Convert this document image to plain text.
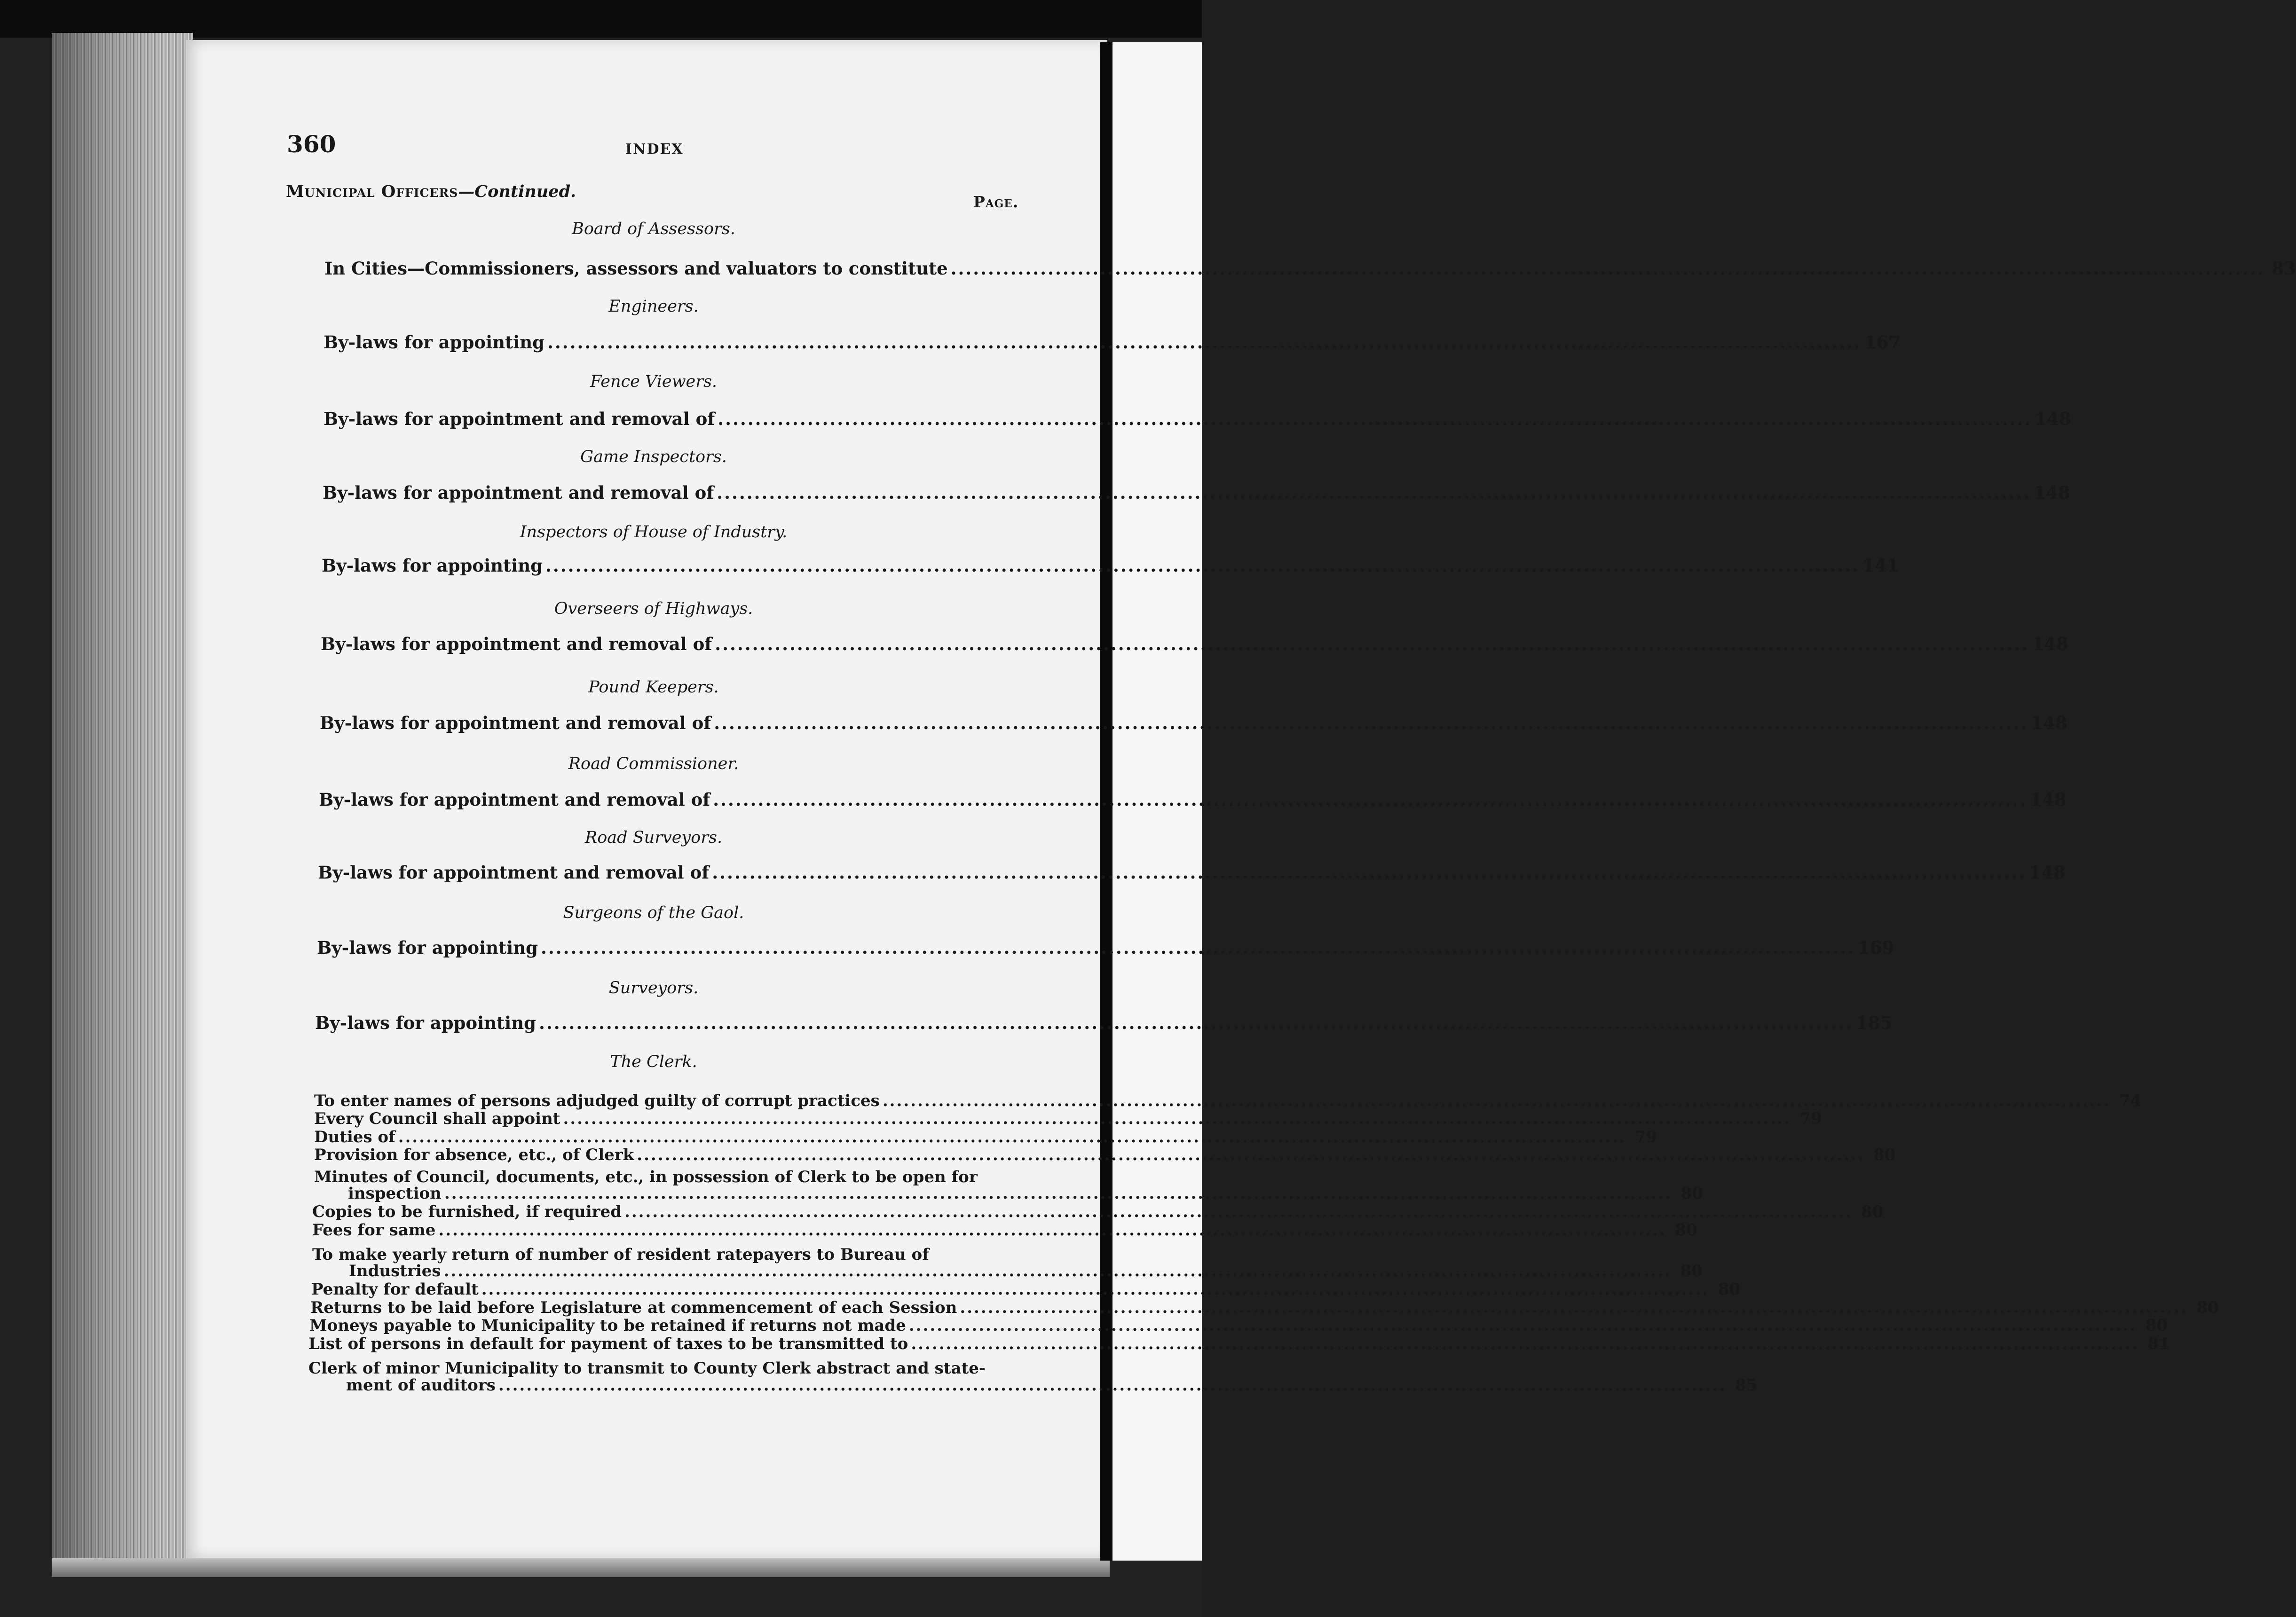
360	INDEX
Municipal Officers—Continued.
Page.
Board of Assessors.
In Cities—Commissioners, assessors and valuators to constitute ................................................................................................................................................................................ 83
Engineers.
By-laws for appointing ................................................................................................................................................................................ 167
Fence Viewers.
By-laws for appointment and removal of ................................................................................................................................................................................ 148
Game Inspectors.
By-laws for appointment and removal of ................................................................................................................................................................................ 148
Inspectors of House of Industry.
By-laws for appointing ................................................................................................................................................................................ 141
Overseers of Highways.
By-laws for appointment and removal of ................................................................................................................................................................................ 148
Pound Keepers.
By-laws for appointment and removal of ................................................................................................................................................................................ 148
Road Commissioner.
By-laws for appointment and removal of ................................................................................................................................................................................ 148
Road Surveyors.
By-laws for appointment and removal of ................................................................................................................................................................................ 148
Surgeons of the Gaol.
By-laws for appointing ................................................................................................................................................................................ 169
Surveyors.
By-laws for appointing ................................................................................................................................................................................ 185
The Clerk.
To enter names of persons adjudged guilty of corrupt practices ................................................................................................................................................................................ 74
Every Council shall appoint ................................................................................................................................................................................ 79
Duties of ................................................................................................................................................................................ 79
Provision for absence, etc., of Clerk ................................................................................................................................................................................ 80
Minutes of Council, documents, etc., in possession of Clerk to be open for
inspection ................................................................................................................................................................................ 80
Copies to be furnished, if required ................................................................................................................................................................................ 80
Fees for same ................................................................................................................................................................................ 80
To make yearly return of number of resident ratepayers to Bureau of
Industries ................................................................................................................................................................................ 80
Penalty for default ................................................................................................................................................................................ 80
Returns to be laid before Legislature at commencement of each Session ................................................................................................................................................................................ 80
Moneys payable to Municipality to be retained if returns not made ................................................................................................................................................................................ 80
List of persons in default for payment of taxes to be transmitted to ................................................................................................................................................................................ 81
Clerk of minor Municipality to transmit to County Clerk abstract and state-
ment of auditors ................................................................................................................................................................................ 85
